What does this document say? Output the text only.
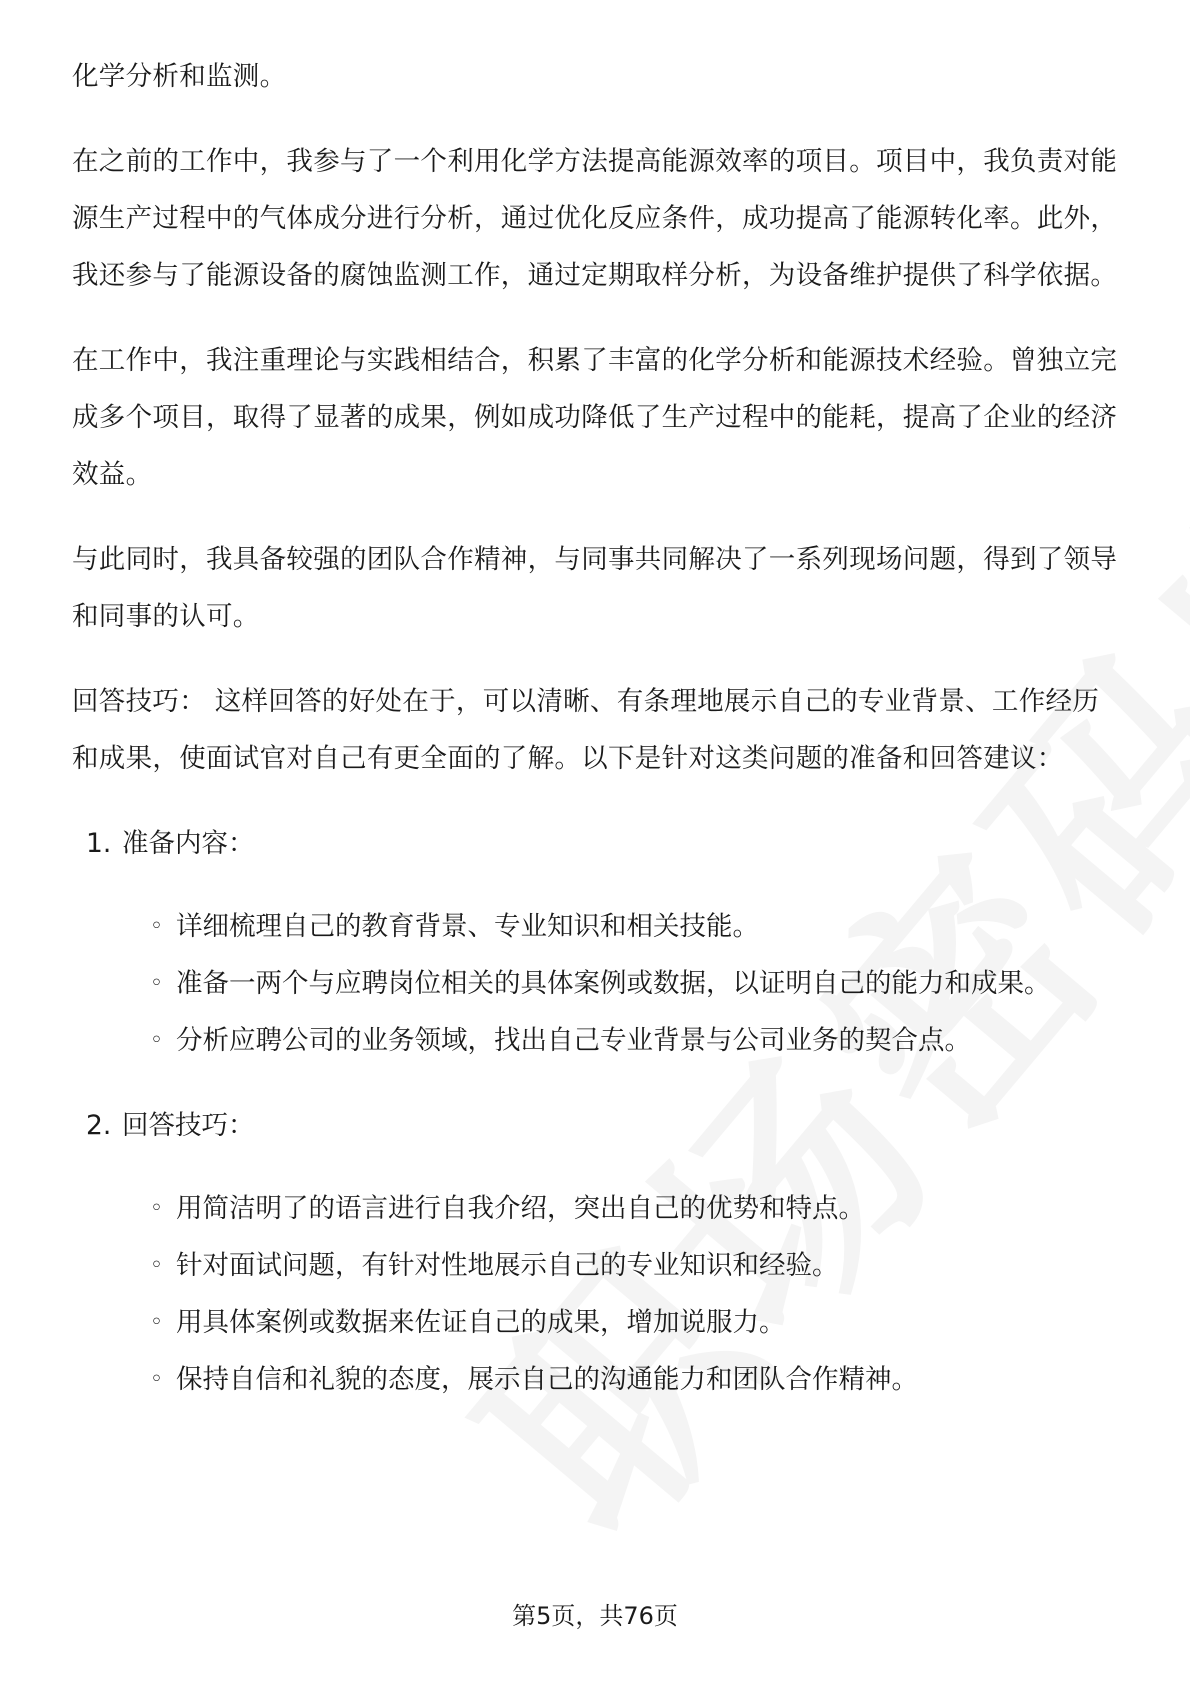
化学分析和监测。

在之前的工作中，我参与了一个利用化学方法提高能源效率的项目。项目中，我负责对能源生产过程中的气体成分进行分析，通过优化反应条件，成功提高了能源转化率。此外，我还参与了能源设备的腐蚀监测工作，通过定期取样分析，为设备维护提供了科学依据。

在工作中，我注重理论与实践相结合，积累了丰富的化学分析和能源技术经验。曾独立完成多个项目，取得了显著的成果，例如成功降低了生产过程中的能耗，提高了企业的经济效益。

与此同时，我具备较强的团队合作精神，与同事共同解决了一系列现场问题，得到了领导和同事的认可。

回答技巧： 这样回答的好处在于，可以清晰、有条理地展示自己的专业背景、工作经历和成果，使面试官对自己有更全面的了解。以下是针对这类问题的准备和回答建议：

1. 准备内容：
◦ 详细梳理自己的教育背景、专业知识和相关技能。
◦ 准备一两个与应聘岗位相关的具体案例或数据，以证明自己的能力和成果。
◦ 分析应聘公司的业务领域，找出自己专业背景与公司业务的契合点。
2. 回答技巧：
◦ 用简洁明了的语言进行自我介绍，突出自己的优势和特点。
◦ 针对面试问题，有针对性地展示自己的专业知识和经验。
◦ 用具体案例或数据来佐证自己的成果，增加说服力。
◦ 保持自信和礼貌的态度，展示自己的沟通能力和团队合作精神。
第5页，共76页
